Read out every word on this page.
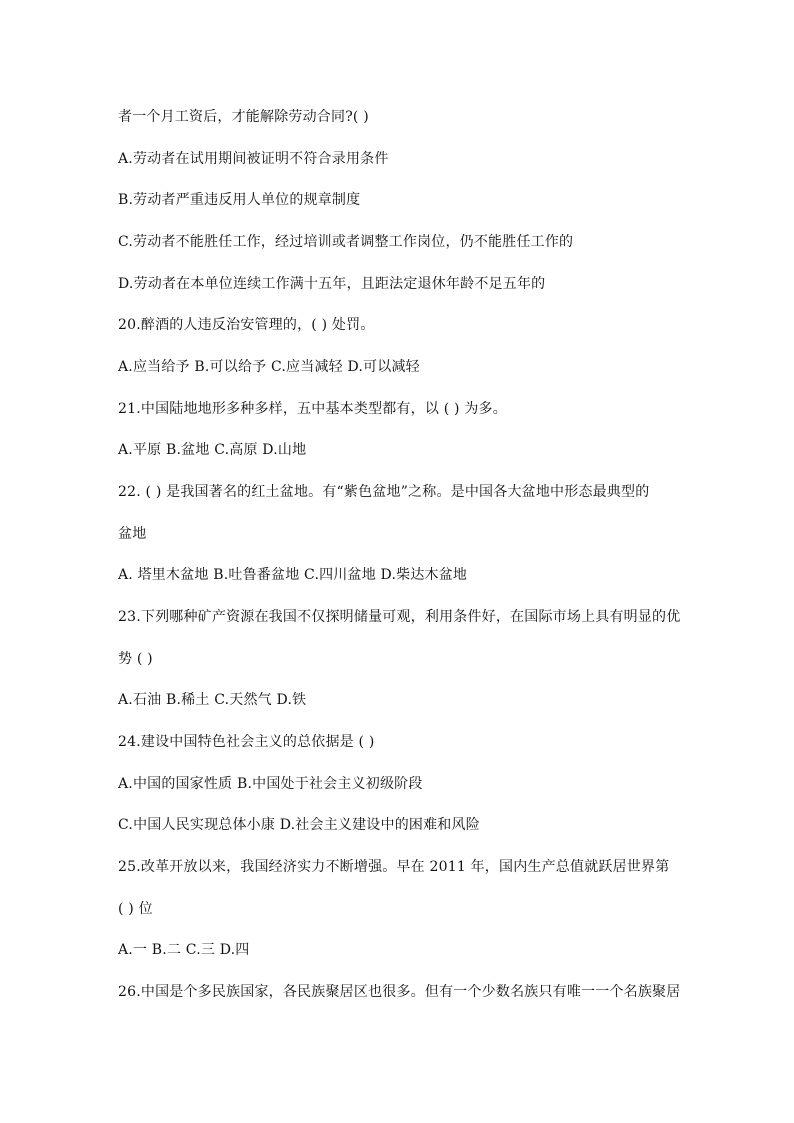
者一个月工资后，才能解除劳动合同?( )
A.劳动者在试用期间被证明不符合录用条件
B.劳动者严重违反用人单位的规章制度
C.劳动者不能胜任工作，经过培训或者调整工作岗位，仍不能胜任工作的
D.劳动者在本单位连续工作满十五年，且距法定退休年龄不足五年的
20.醉酒的人违反治安管理的，( ) 处罚。
A.应当给予 B.可以给予 C.应当减轻 D.可以减轻
21.中国陆地地形多种多样，五中基本类型都有，以 ( ) 为多。
A.平原 B.盆地 C.高原 D.山地
22. ( ) 是我国著名的红土盆地。有“紫色盆地”之称。是中国各大盆地中形态最典型的
盆地
A. 塔里木盆地 B.吐鲁番盆地 C.四川盆地 D.柴达木盆地
23.下列哪种矿产资源在我国不仅探明储量可观，利用条件好，在国际市场上具有明显的优
势 ( )
A.石油 B.稀土 C.天然气 D.铁
24.建设中国特色社会主义的总依据是 ( )
A.中国的国家性质 B.中国处于社会主义初级阶段
C.中国人民实现总体小康 D.社会主义建设中的困难和风险
25.改革开放以来，我国经济实力不断增强。早在 2011 年，国内生产总值就跃居世界第
( ) 位
A.一 B.二 C.三 D.四
26.中国是个多民族国家，各民族聚居区也很多。但有一个少数名族只有唯一一个名族聚居
